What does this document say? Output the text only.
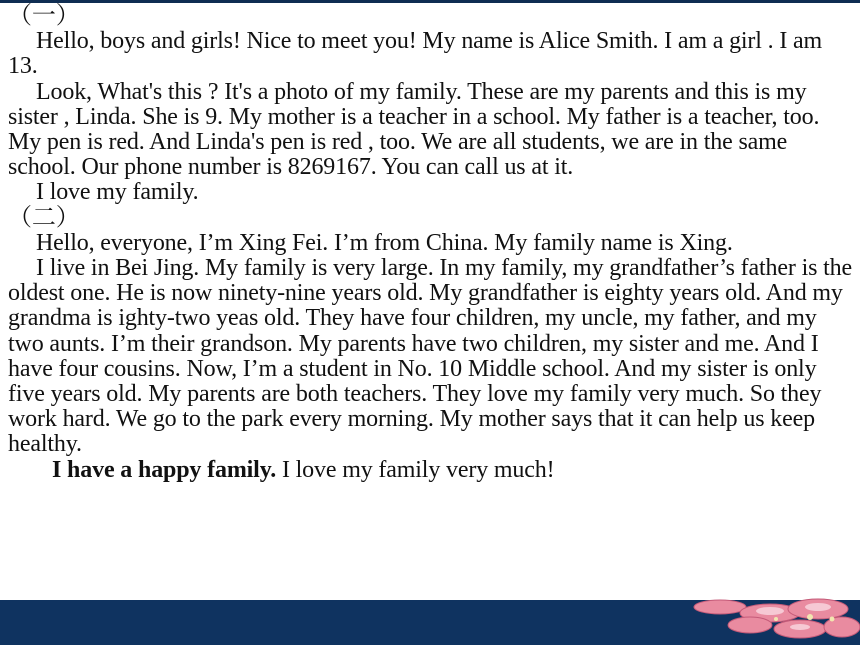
（一）

Hello, boys and girls! Nice to meet you! My name is Alice Smith. I am a girl . I am 13.

Look, What's this ? It's a photo of my family. These are my parents and this is my sister , Linda. She is 9. My mother is a teacher in a school. My father is a teacher, too. My pen is red. And Linda's pen is red , too. We are all students, we are in the same school. Our phone number is 8269167. You can call us at it.

I love my family.

（二）

Hello, everyone, I’m Xing Fei. I’m from China. My family name is Xing.

I live in Bei Jing. My family is very large. In my family, my grandfather’s father is the oldest one. He is now ninety-nine years old. My grandfather is eighty years old. And my grandma is ighty-two yeas old. They have four children, my uncle, my father, and my two aunts. I’m their grandson. My parents have two children, my sister and me. And I have four cousins. Now, I’m a student in No. 10 Middle school. And my sister is only five years old. My parents are both teachers. They love my family very much. So they work hard. We go to the park every morning. My mother says that it can help us keep healthy.

I have a happy family. I love my family very much!
